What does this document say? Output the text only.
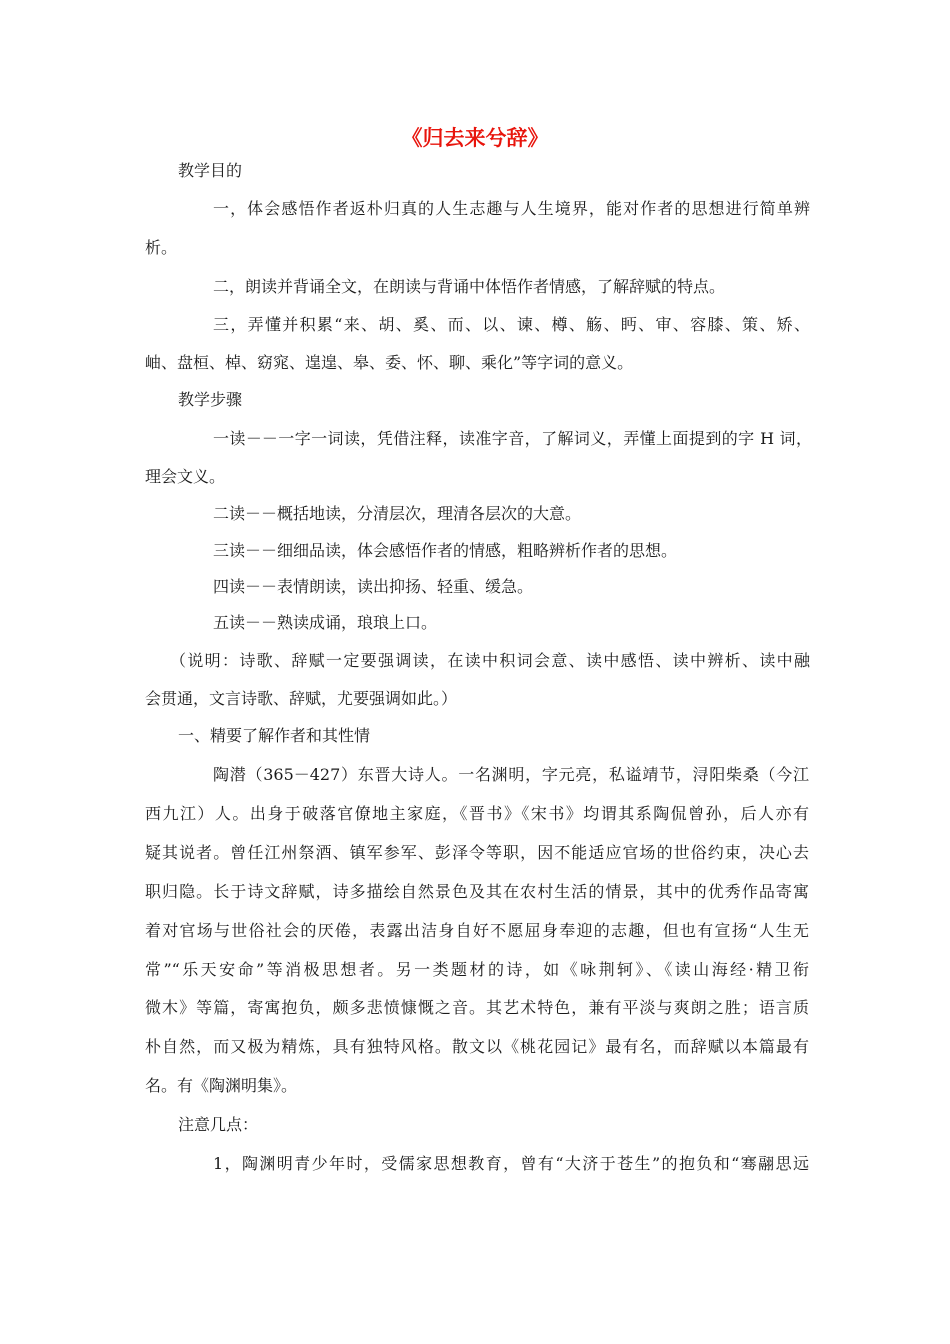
《归去来兮辞》
教学目的
一，体会感悟作者返朴归真的人生志趣与人生境界，能对作者的思想进行简单辨
析。
二，朗读并背诵全文，在朗读与背诵中体悟作者情感，了解辞赋的特点。
三，弄懂并积累“来、胡、奚、而、以、谏、樽、觞、眄、审、容膝、策、矫、
岫、盘桓、棹、窈窕、遑遑、皋、委、怀、聊、乘化”等字词的意义。
教学步骤
一读－－一字一词读，凭借注释，读准字音，了解词义，弄懂上面提到的字 H 词，
理会文义。
二读－－概括地读，分清层次，理清各层次的大意。
三读－－细细品读，体会感悟作者的情感，粗略辨析作者的思想。
四读－－表情朗读，读出抑扬、轻重、缓急。
五读－－熟读成诵，琅琅上口。
（说明：诗歌、辞赋一定要强调读，在读中积词会意、读中感悟、读中辨析、读中融
会贯通，文言诗歌、辞赋，尤要强调如此。）
一、精要了解作者和其性情
陶潜（365－427）东晋大诗人。一名渊明，字元亮，私谥靖节，浔阳柴桑（今江
西九江）人。出身于破落官僚地主家庭，《晋书》《宋书》均谓其系陶侃曾孙，后人亦有
疑其说者。曾任江州祭酒、镇军参军、彭泽令等职，因不能适应官场的世俗约束，决心去
职归隐。长于诗文辞赋，诗多描绘自然景色及其在农村生活的情景，其中的优秀作品寄寓
着对官场与世俗社会的厌倦，表露出洁身自好不愿屈身奉迎的志趣，但也有宣扬“人生无
常”“乐天安命”等消极思想者。另一类题材的诗，如《咏荆轲》、《读山海经·精卫衔
微木》等篇，寄寓抱负，颇多悲愤慷慨之音。其艺术特色，兼有平淡与爽朗之胜；语言质
朴自然，而又极为精炼，具有独特风格。散文以《桃花园记》最有名，而辞赋以本篇最有
名。有《陶渊明集》。
注意几点：
1，陶渊明青少年时，受儒家思想教育，曾有“大济于苍生”的抱负和“骞翮思远
